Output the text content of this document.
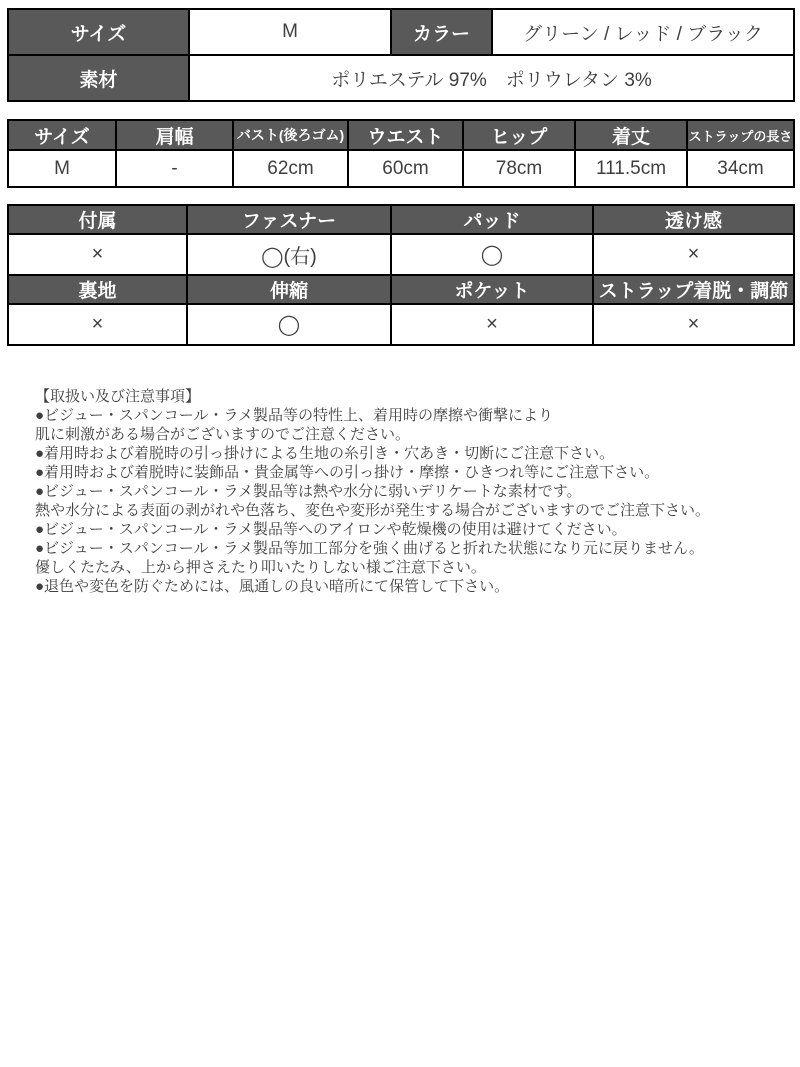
サイズ	M	カラー	グリーン / レッド / ブラック
素材	ポリエステル 97%　ポリウレタン 3%		
サイズ	肩幅	バスト(後ろゴム)	ウエスト	ヒップ	着丈	ストラップの長さ
M	-	62cm	60cm	78cm	111.5cm	34cm
付属	ファスナー	パッド	透け感
×	◯(右)	◯	×
裏地	伸縮	ポケット	ストラップ着脱・調節
×	◯	×	×
【取扱い及び注意事項】
●ビジュー・スパンコール・ラメ製品等の特性上、着用時の摩擦や衝撃により
肌に刺激がある場合がございますのでご注意ください。
●着用時および着脱時の引っ掛けによる生地の糸引き・穴あき・切断にご注意下さい。
●着用時および着脱時に装飾品・貴金属等への引っ掛け・摩擦・ひきつれ等にご注意下さい。
●ビジュー・スパンコール・ラメ製品等は熱や水分に弱いデリケートな素材です。
熱や水分による表面の剥がれや色落ち、変色や変形が発生する場合がございますのでご注意下さい。
●ビジュー・スパンコール・ラメ製品等へのアイロンや乾燥機の使用は避けてください。
●ビジュー・スパンコール・ラメ製品等加工部分を強く曲げると折れた状態になり元に戻りません。
優しくたたみ、上から押さえたり叩いたりしない様ご注意下さい。
●退色や変色を防ぐためには、風通しの良い暗所にて保管して下さい。
